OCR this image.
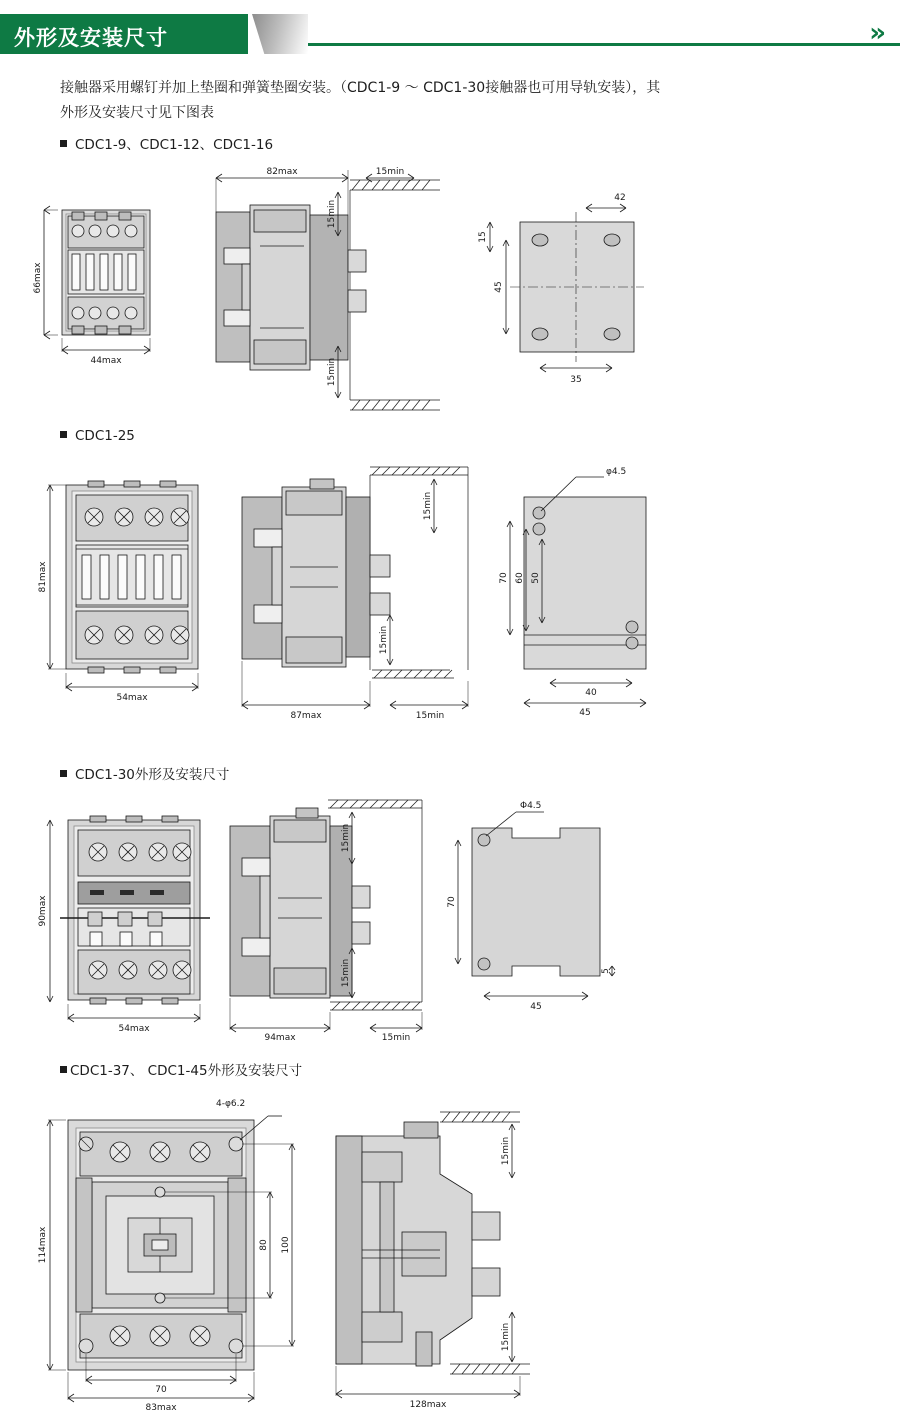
外形及安装尺寸	»
接触器采用螺钉并加上垫圈和弹簧垫圈安装。（CDC1-9 ～ CDC1-30接触器也可用导轨安装），其
外形及安装尺寸见下图表
CDC1-9、CDC1-12、CDC1-16
66max
44max
82max	15min
15min
15min
42
15
45
35
CDC1-25
81max
54max
15min
15min
87max	15min
φ4.5
70 60 50
40
45
CDC1-30外形及安装尺寸
90max
54max
15min
15min
94max	15min
Φ4.5
70
5
45
CDC1-37、 CDC1-45外形及安装尺寸
4-φ6.2
114max	80 100
70
83max
15min
15min
128max
